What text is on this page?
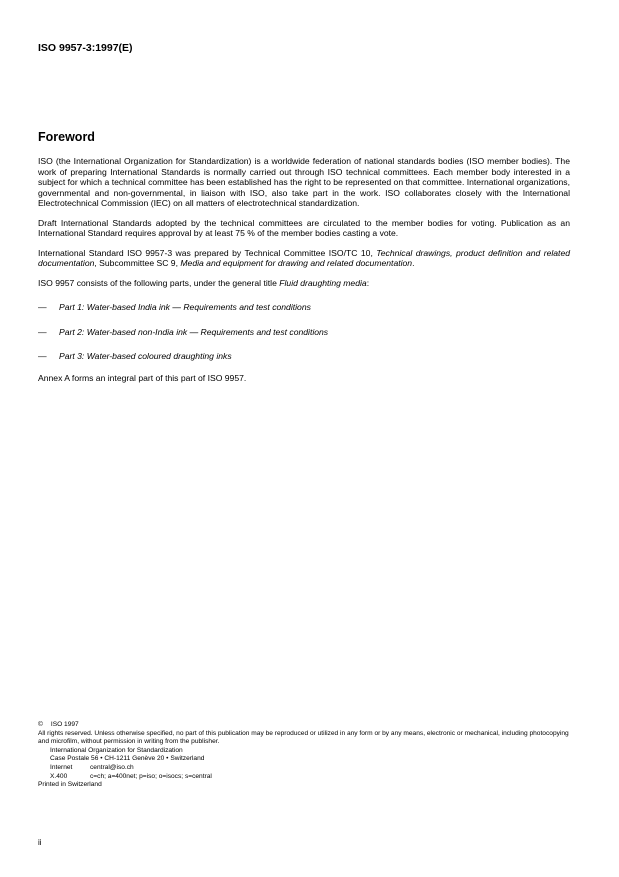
ISO 9957-3:1997(E)

Foreword

ISO (the International Organization for Standardization) is a worldwide federation of national standards bodies (ISO member bodies). The work of preparing International Standards is normally carried out through ISO technical committees. Each member body interested in a subject for which a technical committee has been established has the right to be represented on that committee. International organizations, governmental and non-governmental, in liaison with ISO, also take part in the work. ISO collaborates closely with the International Electrotechnical Commission (IEC) on all matters of electrotechnical standardization.

Draft International Standards adopted by the technical committees are circulated to the member bodies for voting. Publication as an International Standard requires approval by at least 75 % of the member bodies casting a vote.

International Standard ISO 9957-3 was prepared by Technical Committee ISO/TC 10, Technical drawings, product definition and related documentation, Subcommittee SC 9, Media and equipment for drawing and related documentation.

ISO 9957 consists of the following parts, under the general title Fluid draughting media:

—	Part 1: Water-based India ink — Requirements and test conditions
—	Part 2: Water-based non-India ink — Requirements and test conditions
—	Part 3: Water-based coloured draughting inks

Annex A forms an integral part of this part of ISO 9957.

© ISO 1997

All rights reserved. Unless otherwise specified, no part of this publication may be reproduced or utilized in any form or by any means, electronic or mechanical, including photocopying and microfilm, without permission in writing from the publisher.

International Organization for Standardization

Case Postale 56 • CH-1211 Genève 20 • Switzerland

Internet	central@iso.ch

X.400	c=ch; a=400net; p=iso; o=isocs; s=central

Printed in Switzerland

ii
